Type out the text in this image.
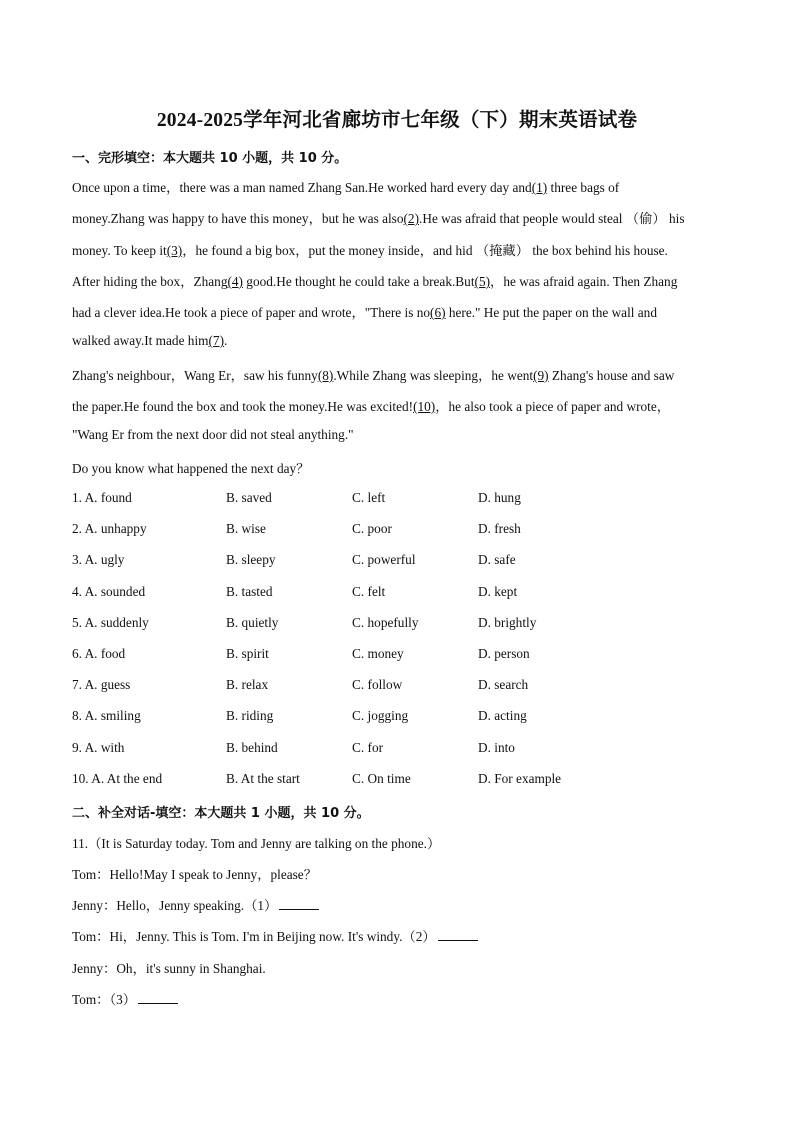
2024-2025学年河北省廊坊市七年级（下）期末英语试卷
一、完形填空：本大题共 10 小题，共 10 分。
Once upon a time，there was a man named Zhang San.He worked hard every day and(1) three bags of
money.Zhang was happy to have this money，but he was also(2).He was afraid that people would steal （偷） his
money. To keep it(3)，he found a big box，put the money inside，and hid （掩藏） the box behind his house.
After hiding the box，Zhang(4) good.He thought he could take a break.But(5)，he was afraid again. Then Zhang
had a clever idea.He took a piece of paper and wrote，"There is no(6) here." He put the paper on the wall and
walked away.It made him(7).
Zhang's neighbour，Wang Er，saw his funny(8).While Zhang was sleeping，he went(9) Zhang's house and saw
the paper.He found the box and took the money.He was excited!(10)，he also took a piece of paper and wrote，
"Wang Er from the next door did not steal anything."
Do you know what happened the next day？
1. A. found	B. saved	C. left	D. hung
2. A. unhappy	B. wise	C. poor	D. fresh
3. A. ugly	B. sleepy	C. powerful	D. safe
4. A. sounded	B. tasted	C. felt	D. kept
5. A. suddenly	B. quietly	C. hopefully	D. brightly
6. A. food	B. spirit	C. money	D. person
7. A. guess	B. relax	C. follow	D. search
8. A. smiling	B. riding	C. jogging	D. acting
9. A. with	B. behind	C. for	D. into
10. A. At the end	B. At the start	C. On time	D. For example
二、补全对话-填空：本大题共 1 小题，共 10 分。
11.（It is Saturday today. Tom and Jenny are talking on the phone.）
Tom：Hello!May I speak to Jenny，please？
Jenny：Hello，Jenny speaking.（1）
Tom：Hi，Jenny. This is Tom. I'm in Beijing now. It's windy.（2）
Jenny：Oh，it's sunny in Shanghai.
Tom：（3）
